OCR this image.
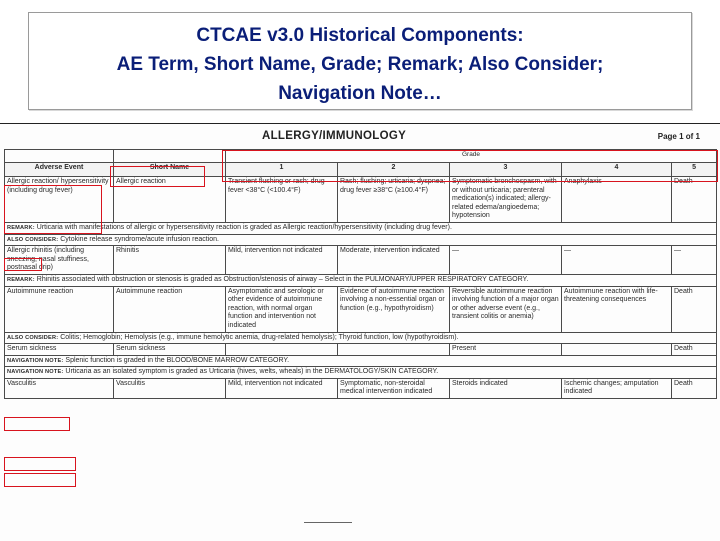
CTCAE v3.0 Historical Components:
AE Term, Short Name, Grade; Remark; Also Consider;
Navigation Note…
ALLERGY/IMMUNOLOGY	Page 1 of 1
		Grade				
Adverse Event	Short Name	1	2	3	4	5
Allergic reaction/ hypersensitivity (including drug fever)	Allergic reaction	Transient flushing or rash; drug fever <38°C (<100.4°F)	Rash; flushing; urticaria; dyspnea; drug fever ≥38°C (≥100.4°F)	Symptomatic bronchospasm, with or without urticaria; parenteral medication(s) indicated; allergy-related edema/angioedema; hypotension	Anaphylaxis	Death
REMARK: Urticaria with manifestations of allergic or hypersensitivity reaction is graded as Allergic reaction/hypersensitivity (including drug fever).						
ALSO CONSIDER: Cytokine release syndrome/acute infusion reaction.						
Allergic rhinitis (including sneezing, nasal stuffiness, postnasal drip)	Rhinitis	Mild, intervention not indicated	Moderate, intervention indicated	—	—	—
REMARK: Rhinitis associated with obstruction or stenosis is graded as Obstruction/stenosis of airway – Select in the PULMONARY/UPPER RESPIRATORY CATEGORY.						
Autoimmune reaction	Autoimmune reaction	Asymptomatic and serologic or other evidence of autoimmune reaction, with normal organ function and intervention not indicated	Evidence of autoimmune reaction involving a non-essential organ or function (e.g., hypothyroidism)	Reversible autoimmune reaction involving function of a major organ or other adverse event (e.g., transient colitis or anemia)	Autoimmune reaction with life-threatening consequences	Death
ALSO CONSIDER: Colitis; Hemoglobin; Hemolysis (e.g., immune hemolytic anemia, drug-related hemolysis); Thyroid function, low (hypothyroidism).						
Serum sickness	Serum sickness			Present		Death
NAVIGATION NOTE: Splenic function is graded in the BLOOD/BONE MARROW CATEGORY.						
NAVIGATION NOTE: Urticaria as an isolated symptom is graded as Urticaria (hives, welts, wheals) in the DERMATOLOGY/SKIN CATEGORY.						
Vasculitis	Vasculitis	Mild, intervention not indicated	Symptomatic, non-steroidal medical intervention indicated	Steroids indicated	Ischemic changes; amputation indicated	Death
